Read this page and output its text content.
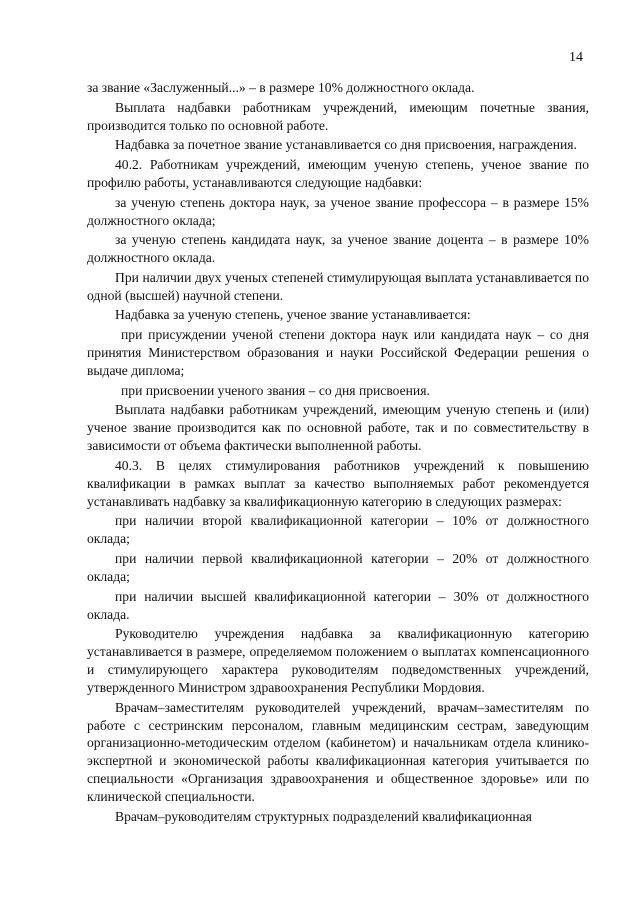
14

за звание «Заслуженный...» – в размере 10% должностного оклада.

Выплата надбавки работникам учреждений, имеющим почетные звания, производится только по основной работе.

Надбавка за почетное звание устанавливается со дня присвоения, награждения.

40.2. Работникам учреждений, имеющим ученую степень, ученое звание по профилю работы, устанавливаются следующие надбавки:

за ученую степень доктора наук, за ученое звание профессора – в размере 15% должностного оклада;

за ученую степень кандидата наук, за ученое звание доцента – в размере 10% должностного оклада.

При наличии двух ученых степеней стимулирующая выплата устанавливается по одной (высшей) научной степени.

Надбавка за ученую степень, ученое звание устанавливается:

при присуждении ученой степени доктора наук или кандидата наук – со дня принятия Министерством образования и науки Российской Федерации решения о выдаче диплома;

при присвоении ученого звания – со дня присвоения.

Выплата надбавки работникам учреждений, имеющим ученую степень и (или) ученое звание производится как по основной работе, так и по совместительству в зависимости от объема фактически выполненной работы.

40.3. В целях стимулирования работников учреждений к повышению квалификации в рамках выплат за качество выполняемых работ рекомендуется устанавливать надбавку за квалификационную категорию в следующих размерах:

при наличии второй квалификационной категории – 10% от должностного оклада;

при наличии первой квалификационной категории – 20% от должностного оклада;

при наличии высшей квалификационной категории – 30% от должностного оклада.

Руководителю учреждения надбавка за квалификационную категорию устанавливается в размере, определяемом положением о выплатах компенсационного и стимулирующего характера руководителям подведомственных учреждений, утвержденного Министром здравоохранения Республики Мордовия.

Врачам–заместителям руководителей учреждений, врачам–заместителям по работе с сестринским персоналом, главным медицинским сестрам, заведующим организационно-методическим отделом (кабинетом) и начальникам отдела клинико-экспертной и экономической работы квалификационная категория учитывается по специальности «Организация здравоохранения и общественное здоровье» или по клинической специальности.

Врачам–руководителям структурных подразделений квалификационная
